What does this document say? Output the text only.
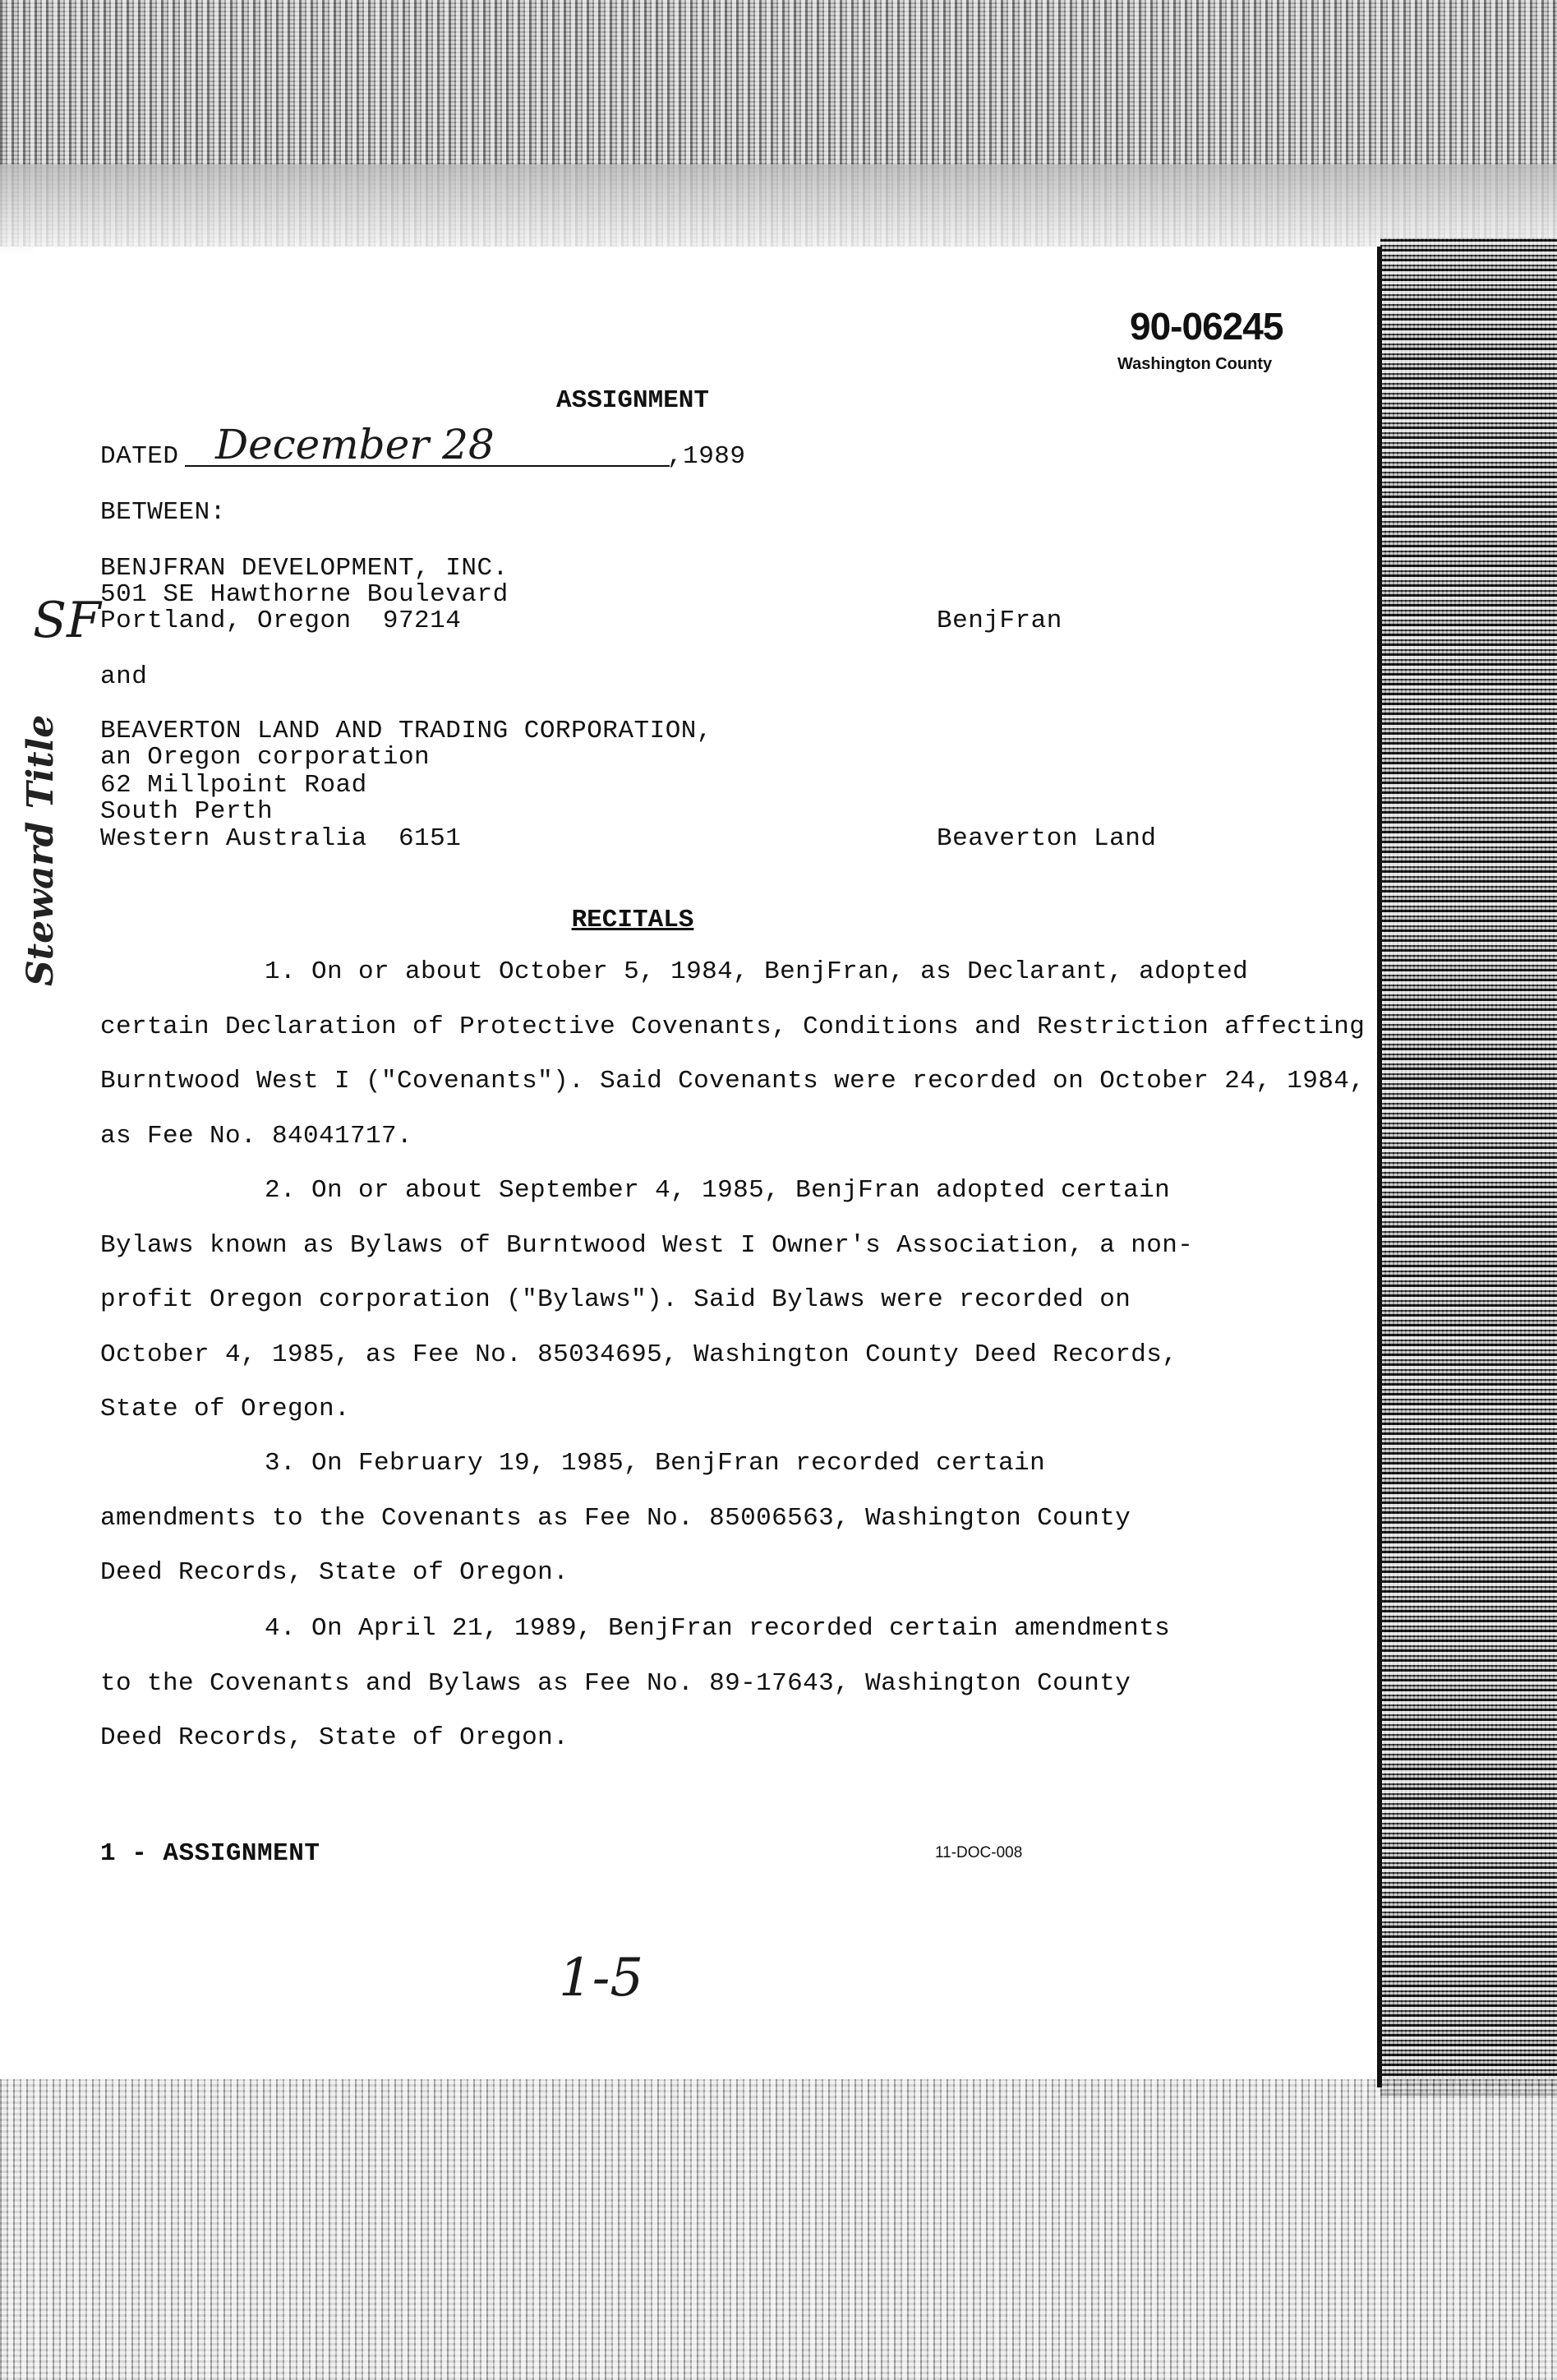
90-06245
Washington County
ASSIGNMENT
DATED December 28	,1989
BETWEEN:
BENJFRAN DEVELOPMENT, INC.
501 SE Hawthorne Boulevard
Portland, Oregon  97214	BenjFran
and
BEAVERTON LAND AND TRADING CORPORATION,
an Oregon corporation
62 Millpoint Road
South Perth
Western Australia  6151	Beaverton Land
RECITALS
1. On or about October 5, 1984, BenjFran, as Declarant, adopted certain Declaration of Protective Covenants, Conditions and Restriction affecting Burntwood West I ("Covenants"). Said Covenants were recorded on October 24, 1984, as Fee No. 84041717.
2. On or about September 4, 1985, BenjFran adopted certain Bylaws known as Bylaws of Burntwood West I Owner's Association, a non-profit Oregon corporation ("Bylaws"). Said Bylaws were recorded on October 4, 1985, as Fee No. 85034695, Washington County Deed Records, State of Oregon.
3. On February 19, 1985, BenjFran recorded certain amendments to the Covenants as Fee No. 85006563, Washington County Deed Records, State of Oregon.
4. On April 21, 1989, BenjFran recorded certain amendments to the Covenants and Bylaws as Fee No. 89-17643, Washington County Deed Records, State of Oregon.
1 - ASSIGNMENT	11-DOC-008
1-5
SF
Steward Title
